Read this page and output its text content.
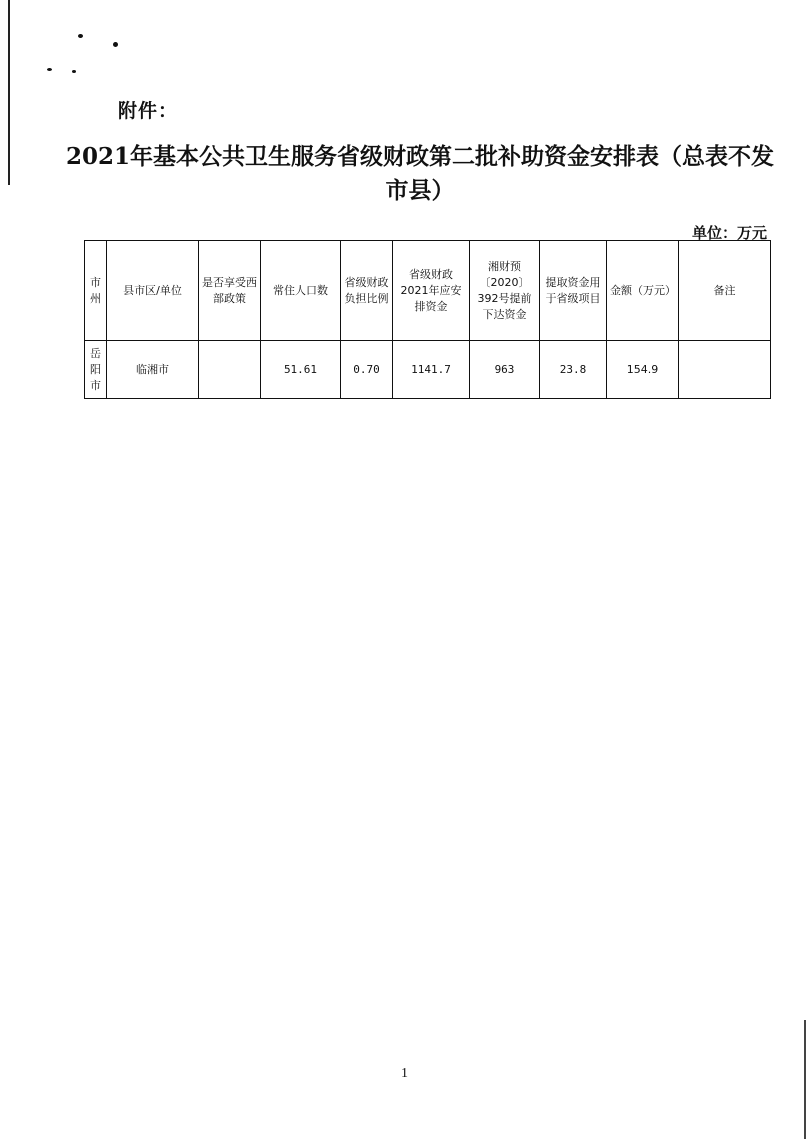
附件：
2021年基本公共卫生服务省级财政第二批补助资金安排表（总表不发市县）
单位：万元
市州	县市区/单位	是否享受西部政策	常住人口数	省级财政负担比例	省级财政2021年应安排资金	湘财预〔2020〕392号提前下达资金	提取资金用于省级项目	金额（万元）	备注
岳阳市	临湘市		51.61	0.70	1141.7	963	23.8	154.9	
1
